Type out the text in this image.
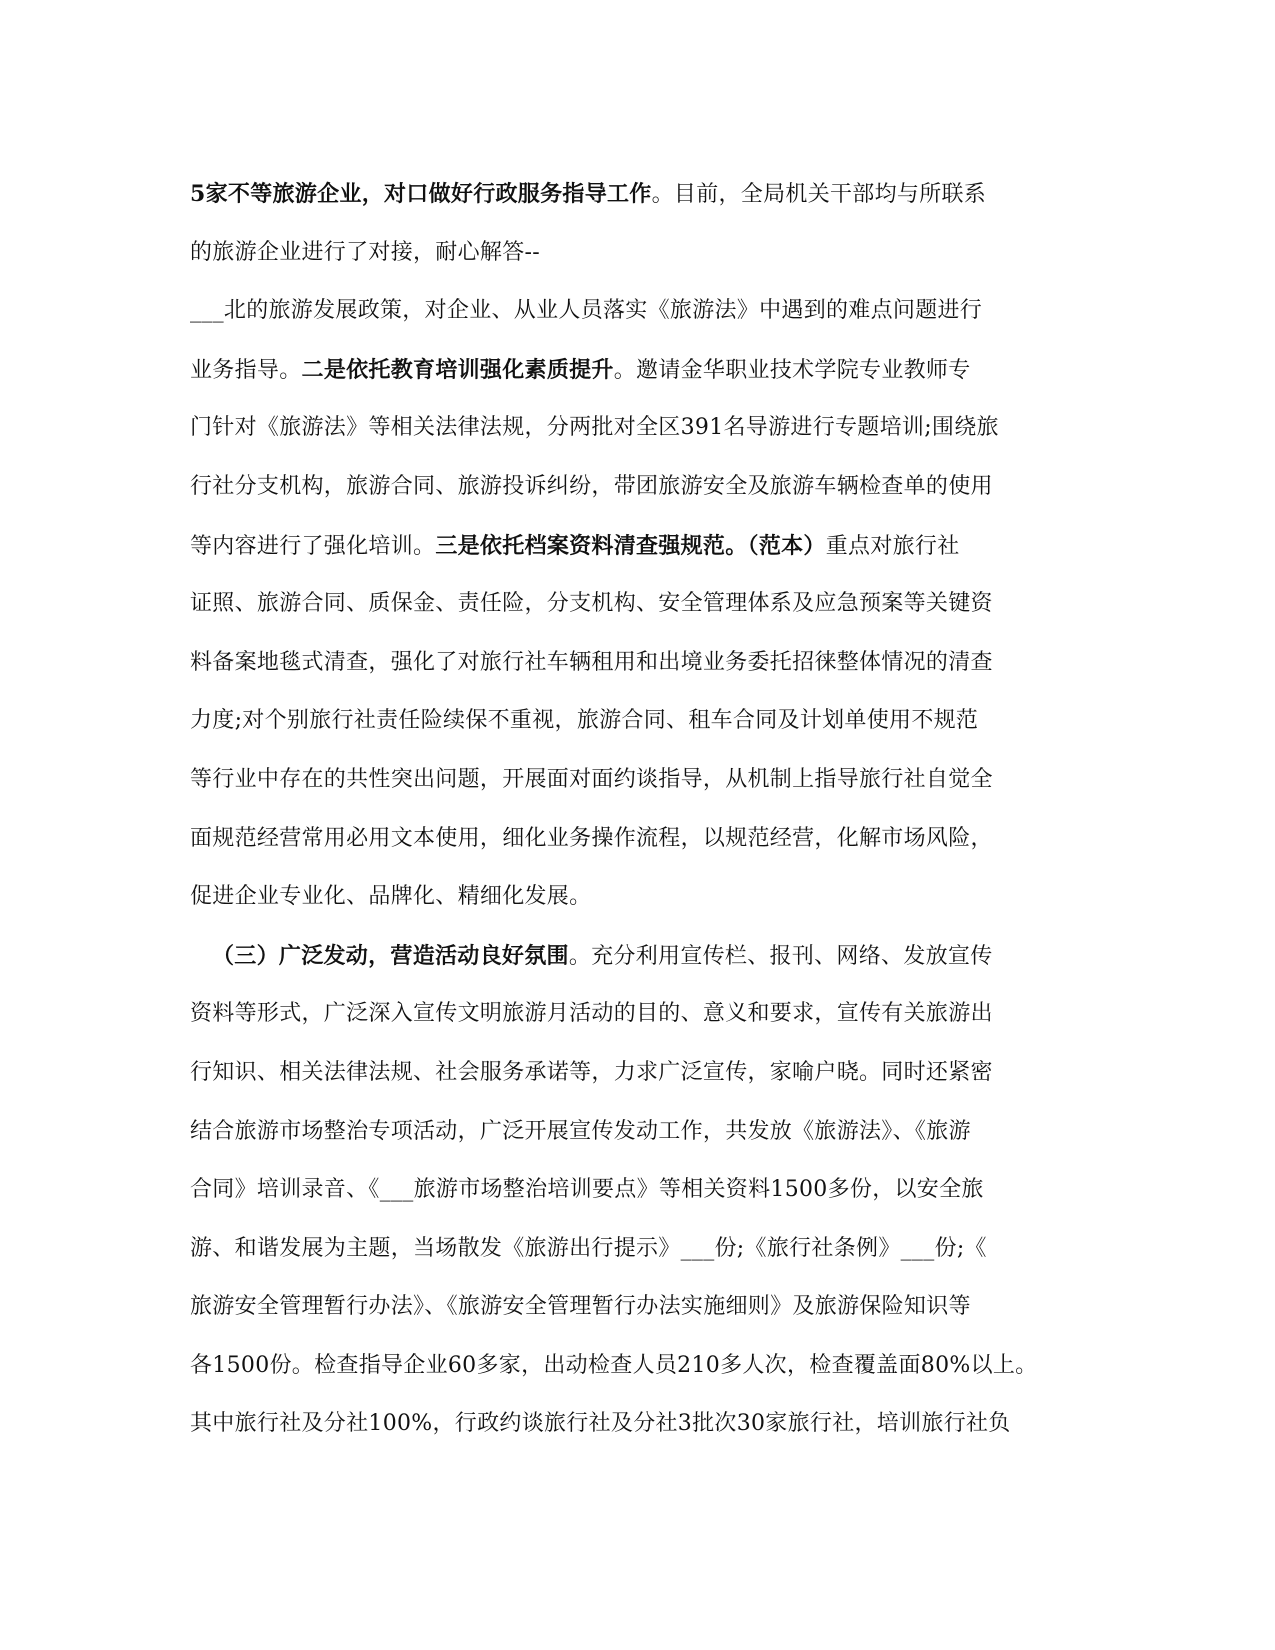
5家不等旅游企业，对口做好行政服务指导工作。目前，全局机关干部均与所联系
的旅游企业进行了对接，耐心解答--
___北的旅游发展政策，对企业、从业人员落实《旅游法》中遇到的难点问题进行
业务指导。二是依托教育培训强化素质提升。邀请金华职业技术学院专业教师专
门针对《旅游法》等相关法律法规，分两批对全区391名导游进行专题培训;围绕旅
行社分支机构，旅游合同、旅游投诉纠纷，带团旅游安全及旅游车辆检查单的使用
等内容进行了强化培训。三是依托档案资料清查强规范。（范本）重点对旅行社
证照、旅游合同、质保金、责任险，分支机构、安全管理体系及应急预案等关键资
料备案地毯式清查，强化了对旅行社车辆租用和出境业务委托招徕整体情况的清查
力度;对个别旅行社责任险续保不重视，旅游合同、租车合同及计划单使用不规范
等行业中存在的共性突出问题，开展面对面约谈指导，从机制上指导旅行社自觉全
面规范经营常用必用文本使用，细化业务操作流程，以规范经营，化解市场风险，
促进企业专业化、品牌化、精细化发展。
（三）广泛发动，营造活动良好氛围。充分利用宣传栏、报刊、网络、发放宣传
资料等形式，广泛深入宣传文明旅游月活动的目的、意义和要求，宣传有关旅游出
行知识、相关法律法规、社会服务承诺等，力求广泛宣传，家喻户晓。同时还紧密
结合旅游市场整治专项活动，广泛开展宣传发动工作，共发放《旅游法》、《旅游
合同》培训录音、《___旅游市场整治培训要点》等相关资料1500多份，以安全旅
游、和谐发展为主题，当场散发《旅游出行提示》___份;《旅行社条例》___份;《
旅游安全管理暂行办法》、《旅游安全管理暂行办法实施细则》及旅游保险知识等
各1500份。检查指导企业60多家，出动检查人员210多人次，检查覆盖面80%以上。
其中旅行社及分社100%，行政约谈旅行社及分社3批次30家旅行社，培训旅行社负
